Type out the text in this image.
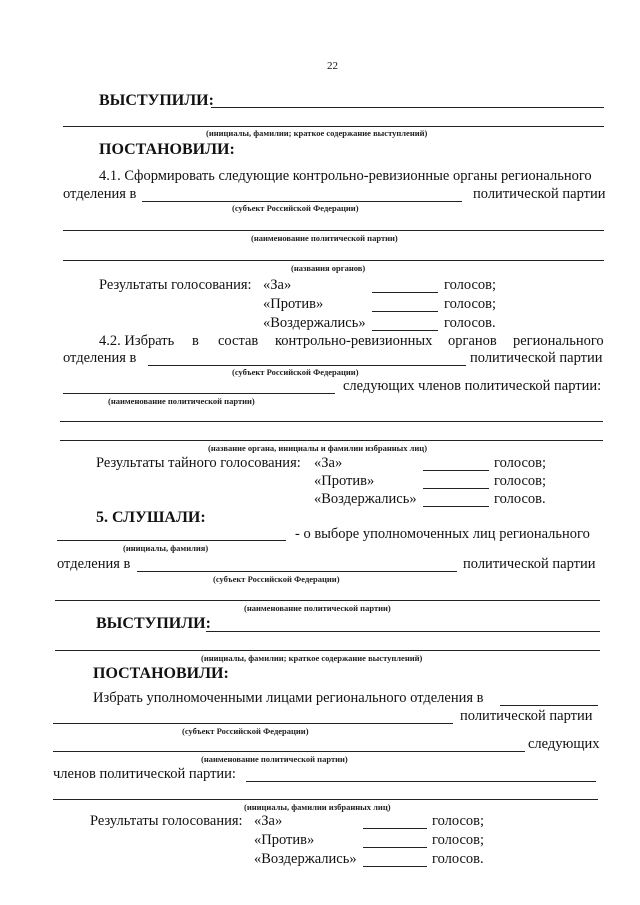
22
ВЫСТУПИЛИ:
(инициалы, фамилии; краткое содержание выступлений)
ПОСТАНОВИЛИ:
4.1. Сформировать следующие контрольно-ревизионные органы регионального
отделения в	политической партии
(субъект Российской Федерации)
(наименование политической партии)
(названия органов)
Результаты голосования: «За»	голосов;
«Против»	голосов;
«Воздержались»	голосов.
4.2. Избрать в состав контрольно-ревизионных органов регионального
отделения в	политической партии
(субъект Российской Федерации)
следующих членов политической партии:
(наименование политической партии)
(название органа, инициалы и фамилии избранных лиц)
Результаты тайного голосования: «За»	голосов;
«Против»	голосов;
«Воздержались»	голосов.
5. СЛУШАЛИ:
- о выборе уполномоченных лиц регионального
(инициалы, фамилия)
отделения в	политической партии
(субъект Российской Федерации)
(наименование политической партии)
ВЫСТУПИЛИ:
(инициалы, фамилии; краткое содержание выступлений)
ПОСТАНОВИЛИ:
Избрать уполномоченными лицами регионального отделения в
политической партии
(субъект Российской Федерации)
следующих
(наименование политической партии)
членов политической партии:
(инициалы, фамилии избранных лиц)
Результаты голосования: «За»	голосов;
«Против»	голосов;
«Воздержались»	голосов.
